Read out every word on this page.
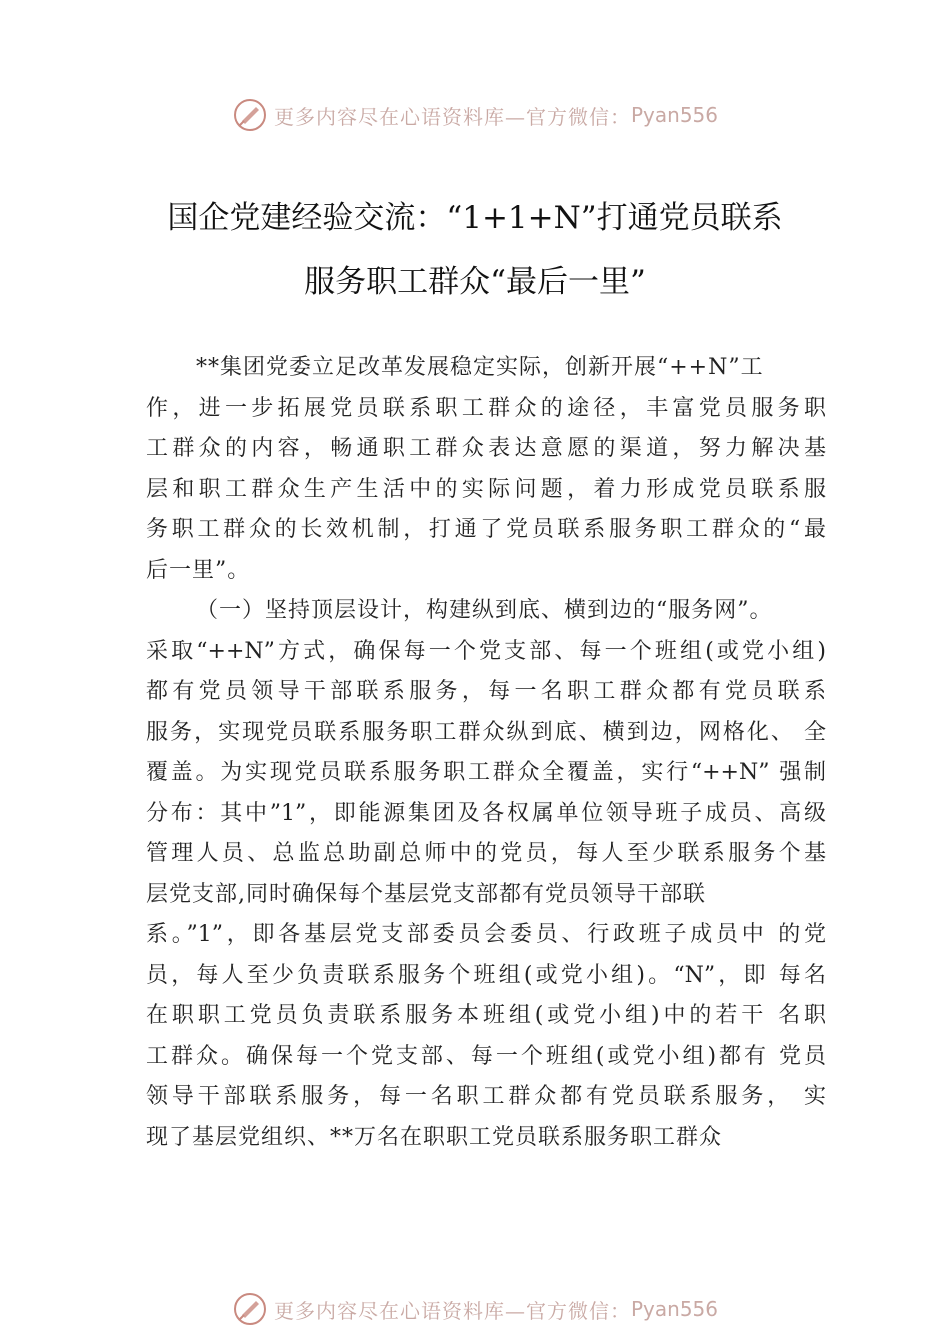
更多内容尽在心语资料库—官方微信： Pyan556
国企党建经验交流：“1+1+N”打通党员联系
服务职工群众“最后一里”
**集团党委立足改革发展稳定实际，创新开展“++N”工
作，进一步拓展党员联系职工群众的途径，丰富党员服务职
工群众的内容，畅通职工群众表达意愿的渠道，努力解决基
层和职工群众生产生活中的实际问题，着力形成党员联系服
务职工群众的长效机制，打通了党员联系服务职工群众的“最
后一里”。
（一）坚持顶层设计，构建纵到底、横到边的“服务网”。
采取“++N”方式，确保每一个党支部、每一个班组(或党小组)
都有党员领导干部联系服务，每一名职工群众都有党员联系
服务，实现党员联系服务职工群众纵到底、横到边，网格化、 全
覆盖。为实现党员联系服务职工群众全覆盖，实行“++N” 强制
分布：其中”1”，即能源集团及各权属单位领导班子成员、高级
管理人员、总监总助副总师中的党员，每人至少联系服务个基
层党支部,同时确保每个基层党支部都有党员领导干部联
系。”1”，即各基层党支部委员会委员、行政班子成员中 的党
员，每人至少负责联系服务个班组(或党小组)。“N”，即 每名
在职职工党员负责联系服务本班组(或党小组)中的若干 名职
工群众。确保每一个党支部、每一个班组(或党小组)都有 党员
领导干部联系服务，每一名职工群众都有党员联系服务， 实
现了基层党组织、**万名在职职工党员联系服务职工群众
更多内容尽在心语资料库—官方微信： Pyan556
